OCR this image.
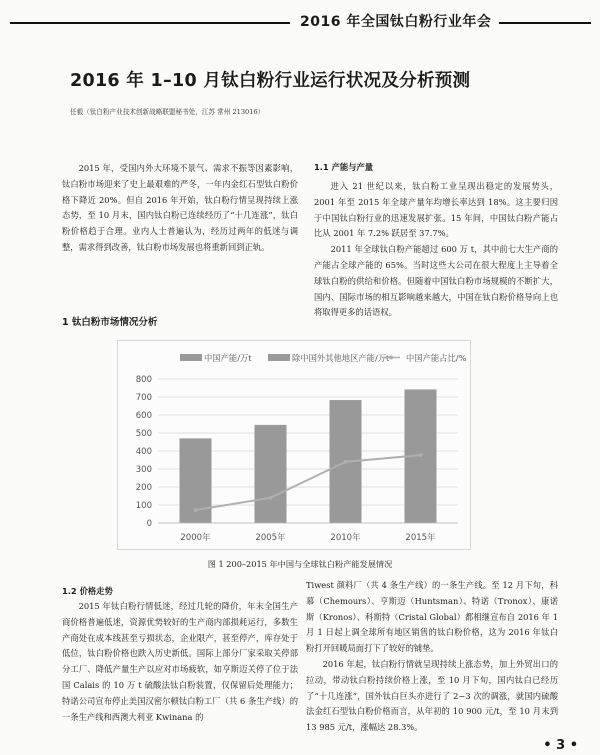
2016 年全国钛白粉行业年会
2016 年 1–10 月钛白粉行业运行状况及分析预测
任毅（钛白粉产业技术创新战略联盟秘书处，江苏 常州 213016）

2015 年，受国内外大环境不景气、需求不振等因素影响，钛白粉市场迎来了史上最艰难的严冬，一年内金红石型钛白粉价格下降近 20%。但自 2016 年开始，钛白粉行情呈现持续上涨态势，至 10 月末，国内钛白粉已连续经历了“十几连涨”，钛白粉价格趋于合理。业内人士普遍认为，经历过两年的低迷与调整，需求得到改善，钛白粉市场发展也将重新回到正轨。

1 钛白粉市场情况分析
1.1 产能与产量

进入 21 世纪以来，钛白粉工业呈现出稳定的发展势头，2001 年至 2015 年全球产量年均增长率达到 18%。这主要归因于中国钛白粉行业的迅速发展扩张。15 年间，中国钛白粉产能占比从 2001 年 7.2% 跃居至 37.7%。

2011 年全球钛白粉产能超过 600 万 t，其中前七大生产商的产能占全球产能的 65%。当时这些大公司在很大程度上主导着全球钛白粉的供给和价格。但随着中国钛白粉市场规模的不断扩大，国内、国际市场的相互影响越来越大，中国在钛白粉价格导向上也将取得更多的话语权。

0
100
200
300
400
500
600
700
800
中国产能/万t	除中国外其他地区产能/万t 中国产能占比/%
2000年	2005年	2010年	2015年
图 1 200–2015 年中国与全球钛白粉产能发展情况
1.2 价格走势

2015 年钛白粉行情低迷，经过几轮的降价，年末全国生产商价格普遍低迷，资源优势较好的生产商内部损耗运行，多数生产商处在成本线甚至亏损状态，企业限产，甚至停产，库存处于低位，钛白粉价格也跌入历史新低。国际上部分厂家采取关停部分工厂、降低产量生产以应对市场疲软，如亨斯迈关停了位于法国 Calais 的 10 万 t 硫酸法钛白粉装置，仅保留后处理能力；特诺公司宣布停止美国汉密尔顿钛白粉工厂（共 6 条生产线）的一条生产线和西澳大利亚 Kwinana 的

Tiwest 颜料厂（共 4 条生产线）的一条生产线。至 12 月下旬，科慕（Chemours）、亨斯迈（Huntsman）、特诺（Tronox）、康诺斯（Kronos）、科斯特（Cristal Global）都相继宣布自 2016 年 1 月 1 日起上调全球所有地区销售的钛白粉价格，这为 2016 年钛白粉打开回暖局面打下了较好的铺垫。

2016 年起，钛白粉行情就呈现持续上涨态势，加上外贸出口的拉动，带动钛白粉持续价格上涨，至 10 月下旬，国内钛白已经历了“十几连涨”，国外钛白巨头亦进行了 2~3 次的调涨，就国内硫酸法金红石型钛白粉价格而言，从年初的 10 900 元/t，至 10 月末到 13 985 元/t，涨幅达 28.3%。

• 3 •
